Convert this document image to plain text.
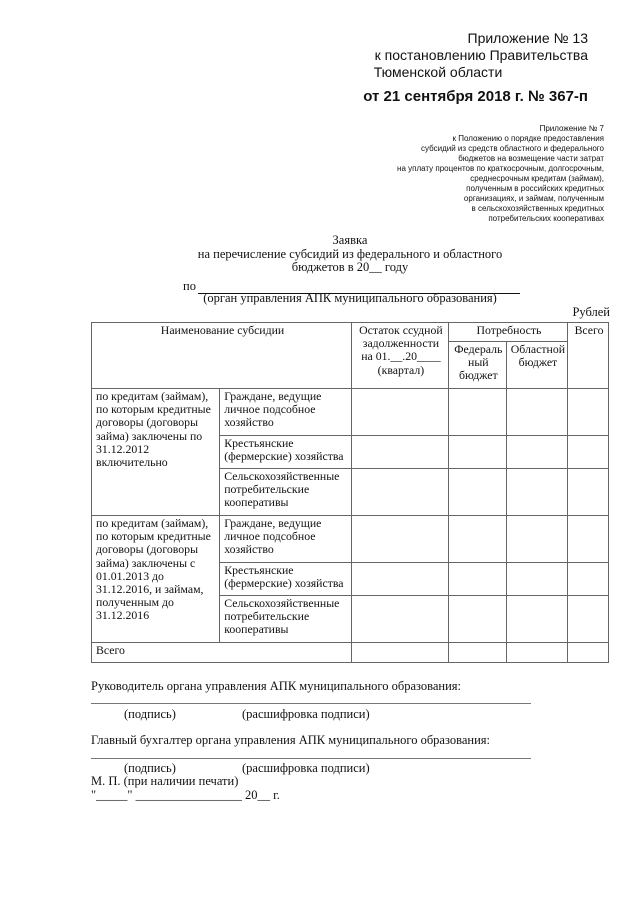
Приложение № 13
к постановлению Правительства
Тюменской области
от 21 сентября 2018 г. № 367-п
Приложение № 7
к Положению о порядке предоставления
субсидий из средств областного и федерального
бюджетов на возмещение части затрат
на уплату процентов по краткосрочным, долгосрочным,
среднесрочным кредитам (займам),
полученным в российских кредитных
организациях, и займам, полученным
в сельскохозяйственных кредитных
потребительских кооперативах
Заявка
на перечисление субсидий из федерального и областного
бюджетов в 20__ году
по
(орган управления АПК муниципального образования)
Рублей
Наименование субсидии		Остаток ссудной задолженности на 01.__.20____ (квартал)	Потребность		Всего
			Федераль ный бюджет	Областной бюджет	
по кредитам (займам), по которым кредитные договоры (договоры займа) заключены по 31.12.2012 включительно	Граждане, ведущие личное подсобное хозяйство				
	Крестьянские (фермерские) хозяйства				
	Сельскохозяйственные потребительские кооперативы				
по кредитам (займам), по которым кредитные договоры (договоры займа) заключены с 01.01.2013 до 31.12.2016, и займам, полученным до 31.12.2016	Граждане, ведущие личное подсобное хозяйство				
	Крестьянские (фермерские) хозяйства				
	Сельскохозяйственные потребительские кооперативы				
Всего					
Руководитель органа управления АПК муниципального образования:
(подпись)	(расшифровка подписи)
Главный бухгалтер органа управления АПК муниципального образования:
(подпись)	(расшифровка подписи)
М. П. (при наличии печати)
"_____" _________________ 20__ г.
